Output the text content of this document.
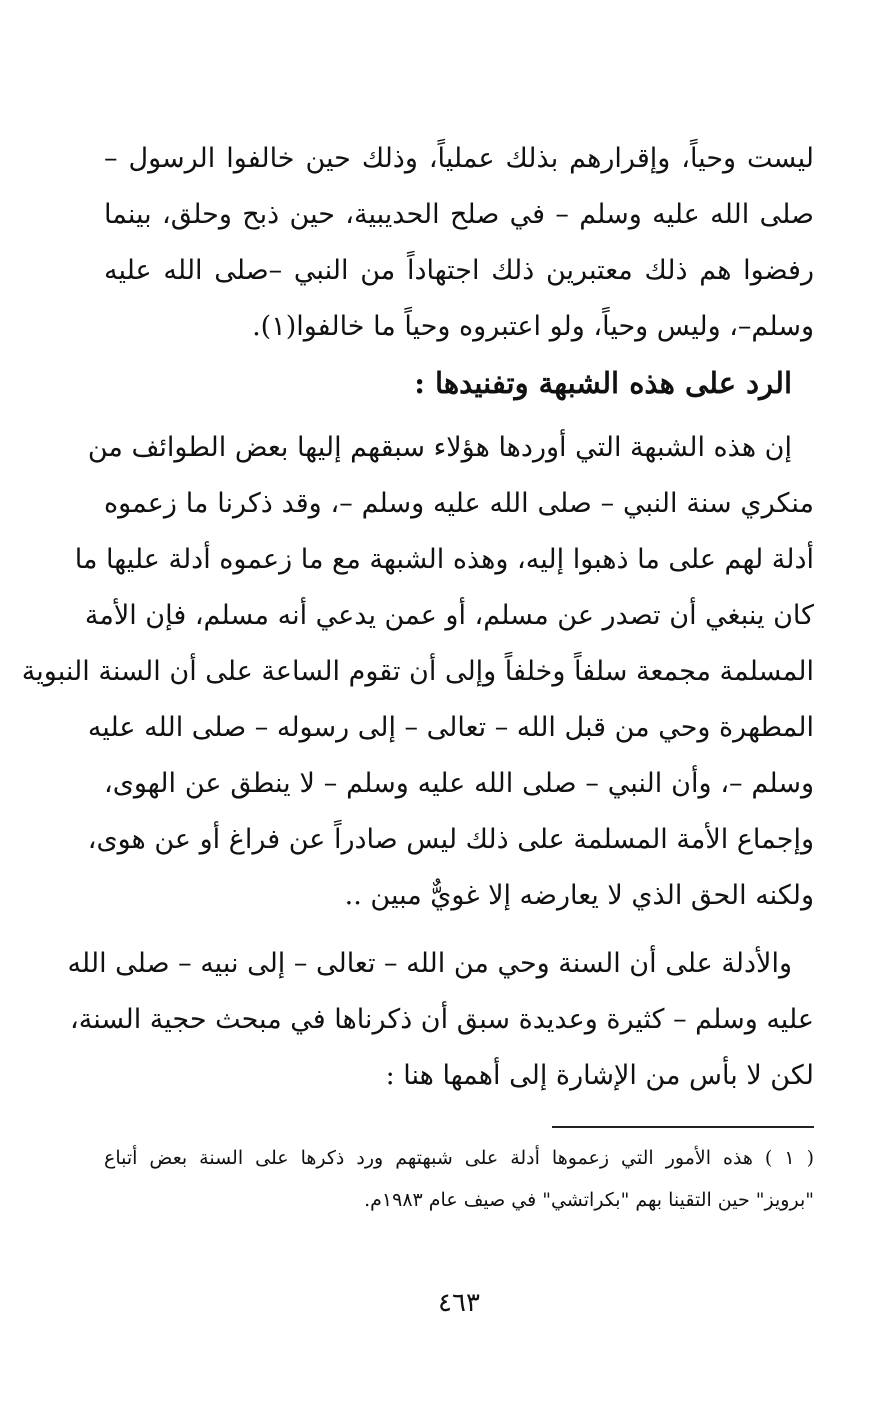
ليست وحياً، وإقرارهم بذلك عملياً، وذلك حين خالفوا الرسول –
صلى الله عليه وسلم – في صلح الحديبية، حين ذبح وحلق، بينما
رفضوا هم ذلك معتبرين ذلك اجتهاداً من النبي –صلى الله عليه
وسلم–، وليس وحياً، ولو اعتبروه وحياً ما خالفوا(١).
الرد على هذه الشبهة وتفنيدها :
إن هذه الشبهة التي أوردها هؤلاء سبقهم إليها بعض الطوائف من
منكري سنة النبي – صلى الله عليه وسلم –، وقد ذكرنا ما زعموه
أدلة لهم على ما ذهبوا إليه، وهذه الشبهة مع ما زعموه أدلة عليها ما
كان ينبغي أن تصدر عن مسلم، أو عمن يدعي أنه مسلم، فإن الأمة
المسلمة مجمعة سلفاً وخلفاً وإلى أن تقوم الساعة على أن السنة النبوية
المطهرة وحي من قبل الله – تعالى – إلى رسوله – صلى الله عليه
وسلم –، وأن النبي – صلى الله عليه وسلم – لا ينطق عن الهوى،
وإجماع الأمة المسلمة على ذلك ليس صادراً عن فراغ أو عن هوى،
ولكنه الحق الذي لا يعارضه إلا غويٌّ مبين ..
والأدلة على أن السنة وحي من الله – تعالى – إلى نبيه – صلى الله
عليه وسلم – كثيرة وعديدة سبق أن ذكرناها في مبحث حجية السنة،
لكن لا بأس من الإشارة إلى أهمها هنا :
( ١ ) هذه الأمور التي زعموها أدلة على شبهتهم ورد ذكرها على السنة بعض أتباع
"برويز" حين التقينا بهم "بكراتشي" في صيف عام ١٩٨٣م.
٤٦٣
